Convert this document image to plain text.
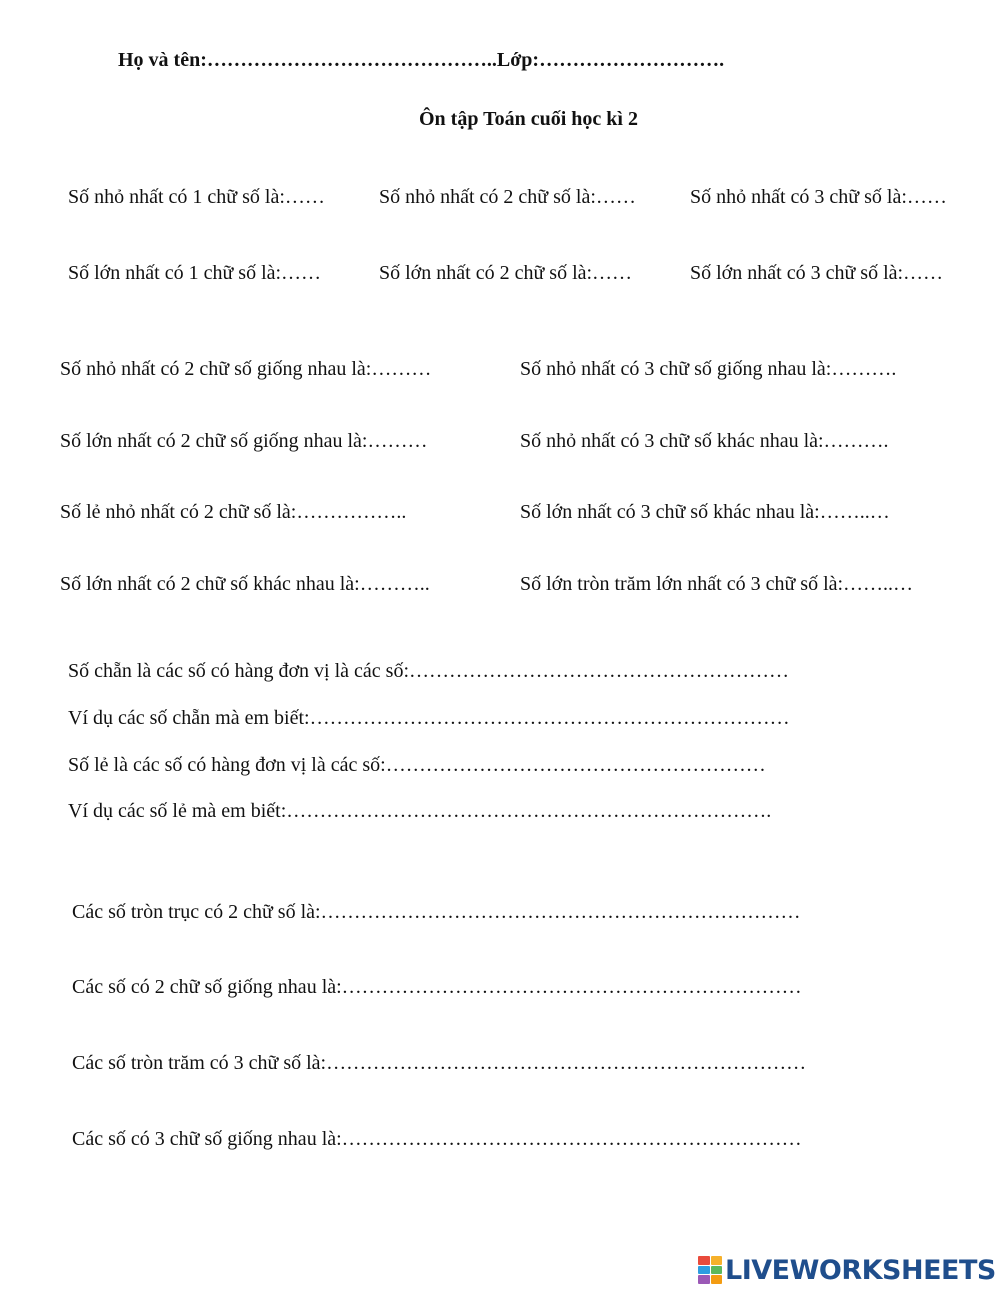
Họ và tên:……………………………………..Lớp:……………………….
Ôn tập Toán cuối học kì 2
Số nhỏ nhất có 1 chữ số là:……	Số nhỏ nhất có 2 chữ số là:……	Số nhỏ nhất có 3 chữ số là:……
Số lớn nhất có 1 chữ số là:……	Số lớn nhất có 2 chữ số là:……	Số lớn nhất có 3 chữ số là:……
Số nhỏ nhất có 2 chữ số giống nhau là:………	Số nhỏ nhất có 3 chữ số giống nhau là:……….
Số lớn nhất có 2 chữ số giống nhau là:………	Số nhỏ nhất có 3 chữ số khác nhau là:……….
Số lẻ nhỏ nhất có 2 chữ số là:……………..	Số lớn nhất có 3 chữ số khác nhau là:……..…
Số lớn nhất có 2 chữ số khác nhau là:………..	Số lớn tròn trăm lớn nhất có 3 chữ số là:……..…
Số chẵn là các số có hàng đơn vị là các số:…………………………………………………
Ví dụ các số chẵn mà em biết:………………………………………………………………
Số lẻ là các số có hàng đơn vị là các số:…………………………………………………
Ví dụ các số lẻ mà em biết:……………………………………………………………….
Các số tròn trục có 2 chữ số là:………………………………………………………………
Các số có 2 chữ số giống nhau là:……………………………………………………………
Các số tròn trăm có 3 chữ số là:………………………………………………………………
Các số có 3 chữ số giống nhau là:……………………………………………………………
LIVEWORKSHEETS
